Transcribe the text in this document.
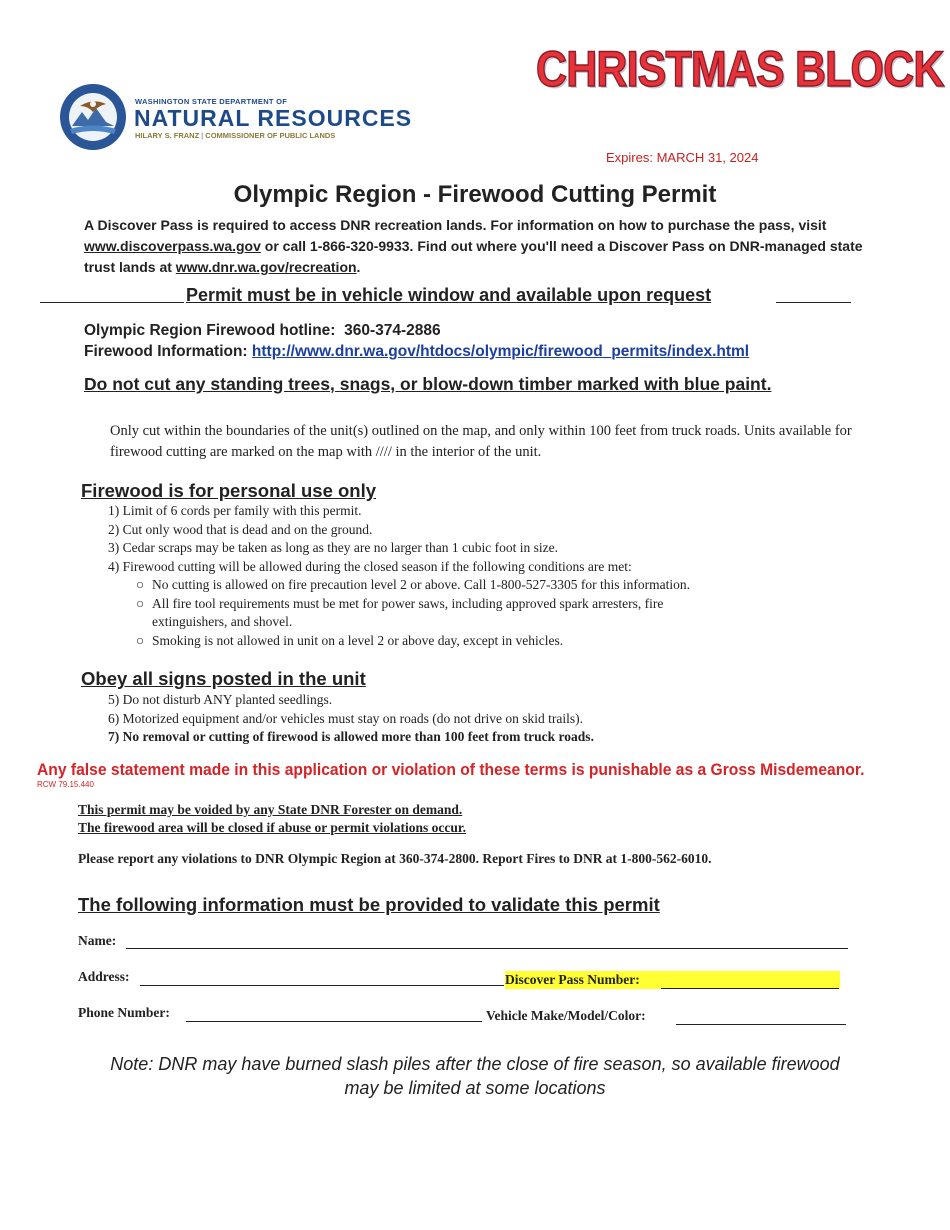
WASHINGTON STATE DEPARTMENT OF
NATURAL RESOURCES
HILARY S. FRANZ | COMMISSIONER OF PUBLIC LANDS
CHRISTMAS BLOCK
Expires: MARCH 31, 2024
Olympic Region - Firewood Cutting Permit
A Discover Pass is required to access DNR recreation lands. For information on how to purchase the pass, visit www.discoverpass.wa.gov or call 1-866-320-9933. Find out where you'll need a Discover Pass on DNR-managed state trust lands at www.dnr.wa.gov/recreation.
Permit must be in vehicle window and available upon request
Olympic Region Firewood hotline: 360-374-2886
Firewood Information: http://www.dnr.wa.gov/htdocs/olympic/firewood_permits/index.html
Do not cut any standing trees, snags, or blow-down timber marked with blue paint.
Only cut within the boundaries of the unit(s) outlined on the map, and only within 100 feet from truck roads. Units available for firewood cutting are marked on the map with //// in the interior of the unit.
Firewood is for personal use only
1) Limit of 6 cords per family with this permit.
2) Cut only wood that is dead and on the ground.
3) Cedar scraps may be taken as long as they are no larger than 1 cubic foot in size.
4) Firewood cutting will be allowed during the closed season if the following conditions are met:
○ No cutting is allowed on fire precaution level 2 or above. Call 1-800-527-3305 for this information.
○ All fire tool requirements must be met for power saws, including approved spark arresters, fire
extinguishers, and shovel.
○ Smoking is not allowed in unit on a level 2 or above day, except in vehicles.
Obey all signs posted in the unit
5) Do not disturb ANY planted seedlings.
6) Motorized equipment and/or vehicles must stay on roads (do not drive on skid trails).
7) No removal or cutting of firewood is allowed more than 100 feet from truck roads.
Any false statement made in this application or violation of these terms is punishable as a Gross Misdemeanor.
RCW 79.15.440
This permit may be voided by any State DNR Forester on demand.
The firewood area will be closed if abuse or permit violations occur.
Please report any violations to DNR Olympic Region at 360-374-2800. Report Fires to DNR at 1-800-562-6010.
The following information must be provided to validate this permit
Name:
Address:	Discover Pass Number:
Phone Number:	Vehicle Make/Model/Color:
Note: DNR may have burned slash piles after the close of fire season, so available firewood
may be limited at some locations
